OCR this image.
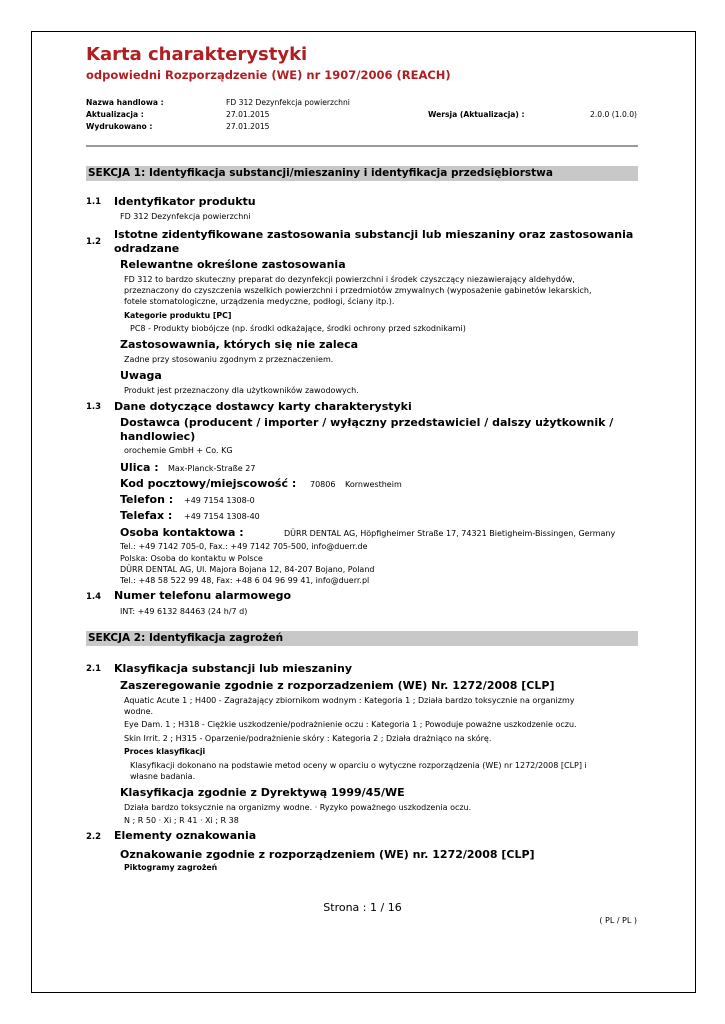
Karta charakterystyki
odpowiedni Rozporządzenie (WE) nr 1907/2006 (REACH)
Nazwa handlowa :	FD 312 Dezynfekcja powierzchni
Aktualizacja :	27.01.2015	Wersja (Aktualizacja) :	2.0.0 (1.0.0)
Wydrukowano :	27.01.2015
SEKCJA 1: Identyfikacja substancji/mieszaniny i identyfikacja przedsiębiorstwa
1.1 Identyfikator produktu
FD 312 Dezynfekcja powierzchni
1.2
Istotne zidentyfikowane zastosowania substancji lub mieszaniny oraz zastosowania
odradzane
Relewantne określone zastosowania
FD 312 to bardzo skuteczny preparat do dezynfekcji powierzchni i środek czyszczący niezawierający aldehydów,
przeznaczony do czyszczenia wszelkich powierzchni i przedmiotów zmywalnych (wyposażenie gabinetów lekarskich,
fotele stomatologiczne, urządzenia medyczne, podłogi, ściany itp.).
Kategorie produktu [PC]
PC8 - Produkty biobójcze (np. środki odkażające, środki ochrony przed szkodnikami)
Zastosowawnia, których się nie zaleca
Zadne przy stosowaniu zgodnym z przeznaczeniem.
Uwaga
Produkt jest przeznaczony dla użytkowników zawodowych.
1.3 Dane dotyczące dostawcy karty charakterystyki
Dostawca (producent / importer / wyłączny przedstawiciel / dalszy użytkownik /
handlowiec)
orochemie GmbH + Co. KG
Ulica : Max-Planck-Straße 27
Kod pocztowy/miejscowość : 70806 Kornwestheim
Telefon : +49 7154 1308-0
Telefax : +49 7154 1308-40
Osoba kontaktowa :	DÜRR DENTAL AG, Höpfigheimer Straße 17, 74321 Bietigheim-Bissingen, Germany
Tel.: +49 7142 705-0, Fax.: +49 7142 705-500, info@duerr.de
Polska: Osoba do kontaktu w Polsce
DÜRR DENTAL AG, Ul. Majora Bojana 12, 84-207 Bojano, Poland
Tel.: +48 58 522 99 48, Fax: +48 6 04 96 99 41, info@duerr.pl
1.4 Numer telefonu alarmowego
INT: +49 6132 84463 (24 h/7 d)
SEKCJA 2: Identyfikacja zagrożeń
2.1 Klasyfikacja substancji lub mieszaniny
Zaszeregowanie zgodnie z rozporzadzeniem (WE) Nr. 1272/2008 [CLP]
Aquatic Acute 1 ; H400 - Zagrażający zbiornikom wodnym : Kategoria 1 ; Działa bardzo toksycznie na organizmy
wodne.
Eye Dam. 1 ; H318 - Ciężkie uszkodzenie/podrażnienie oczu : Kategoria 1 ; Powoduje poważne uszkodzenie oczu.
Skin Irrit. 2 ; H315 - Oparzenie/podrażnienie skóry : Kategoria 2 ; Działa drażniąco na skórę.
Proces klasyfikacji
Klasyfikacji dokonano na podstawie metod oceny w oparciu o wytyczne rozporządzenia (WE) nr 1272/2008 [CLP] i
własne badania.
Klasyfikacja zgodnie z Dyrektywą 1999/45/WE
Działa bardzo toksycznie na organizmy wodne. · Ryzyko poważnego uszkodzenia oczu.
N ; R 50 · Xi ; R 41 · Xi ; R 38
2.2 Elementy oznakowania
Oznakowanie zgodnie z rozporządzeniem (WE) nr. 1272/2008 [CLP]
Piktogramy zagrożeń
Strona : 1 / 16
( PL / PL )
